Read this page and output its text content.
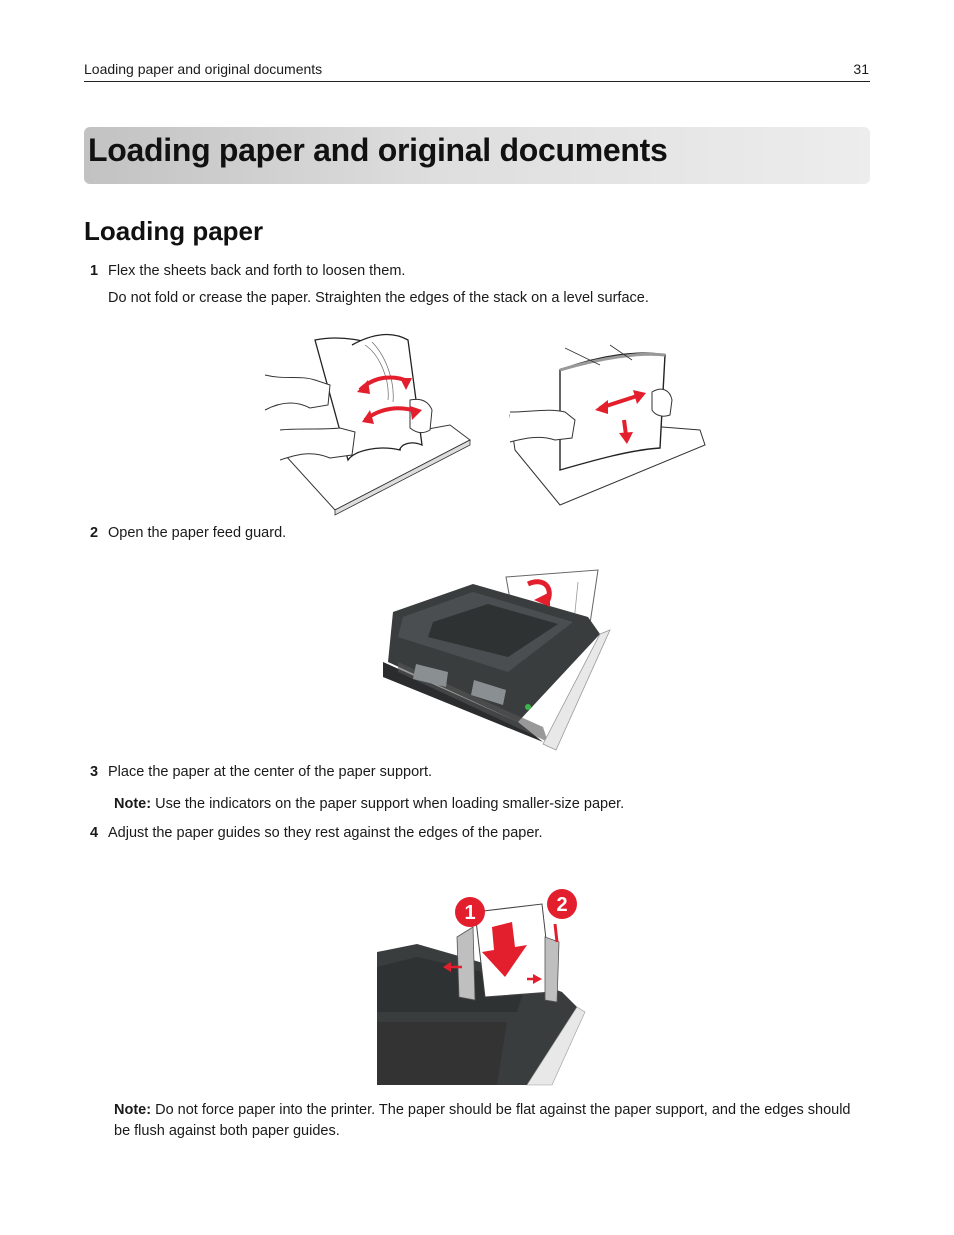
Loading paper and original documents	31
Loading paper and original documents
Loading paper
1 Flex the sheets back and forth to loosen them.
Do not fold or crease the paper. Straighten the edges of the stack on a level surface.
2 Open the paper feed guard.
3 Place the paper at the center of the paper support.
Note: Use the indicators on the paper support when loading smaller-size paper.
4 Adjust the paper guides so they rest against the edges of the paper.
1	2
Note: Do not force paper into the printer. The paper should be flat against the paper support, and the edges should be flush against both paper guides.
